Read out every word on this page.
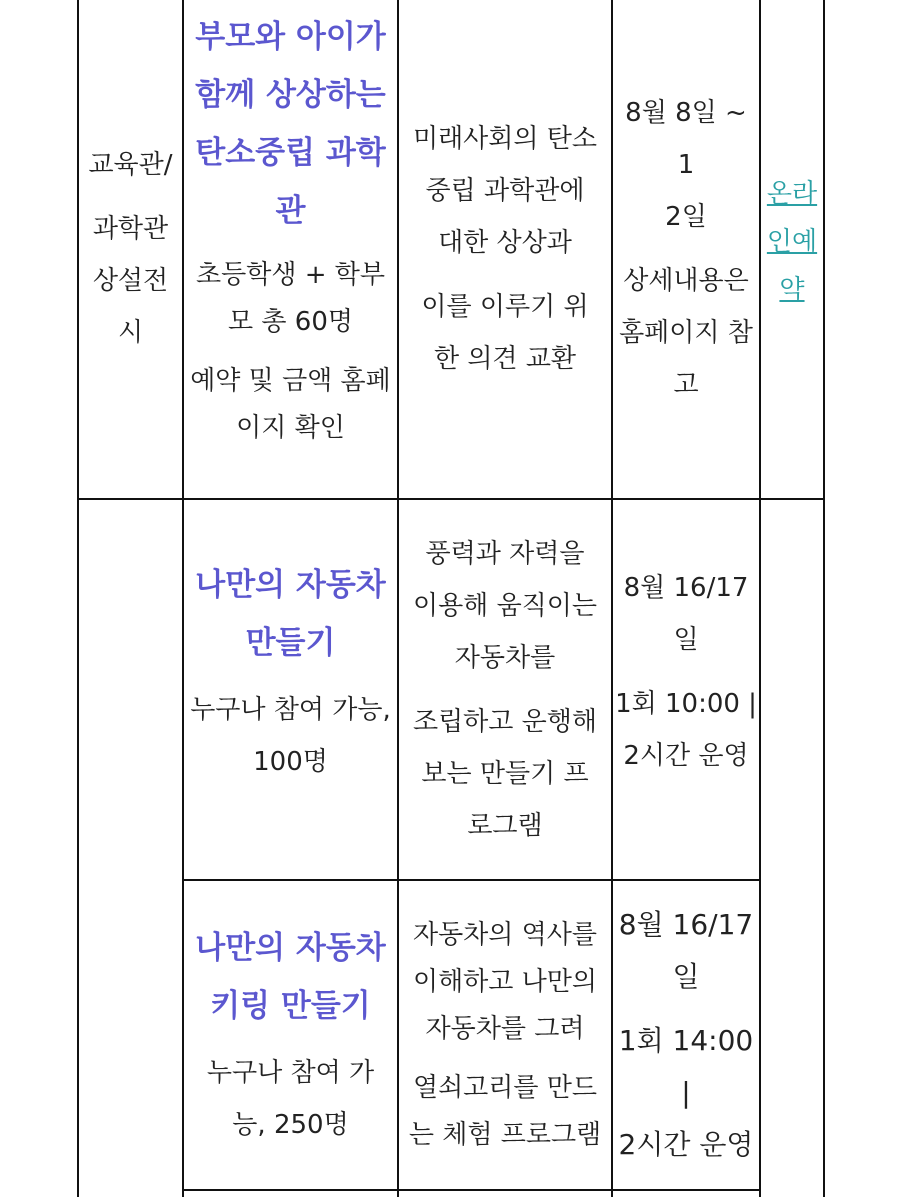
교육관/
과학관
상설전
시
부모와 아이가
함께 상상하는
탄소중립 과학
관
초등학생 + 학부
모 총 60명
예약 및 금액 홈페
이지 확인
미래사회의 탄소
중립 과학관에
대한 상상과
이를 이루기 위
한 의견 교환
8월 8일 ~ 1
2일
상세내용은
홈페이지 참
고
온라
인예
약
나만의 자동차
만들기
누구나 참여 가능,
100명
풍력과 자력을
이용해 움직이는
자동차를
조립하고 운행해
보는 만들기 프
로그램
8월 16/17
일
1회 10:00 |
2시간 운영
나만의 자동차
키링 만들기
누구나 참여 가
능, 250명
자동차의 역사를
이해하고 나만의
자동차를 그려
열쇠고리를 만드
는 체험 프로그램
8월 16/17
일
1회 14:00 |
2시간 운영
